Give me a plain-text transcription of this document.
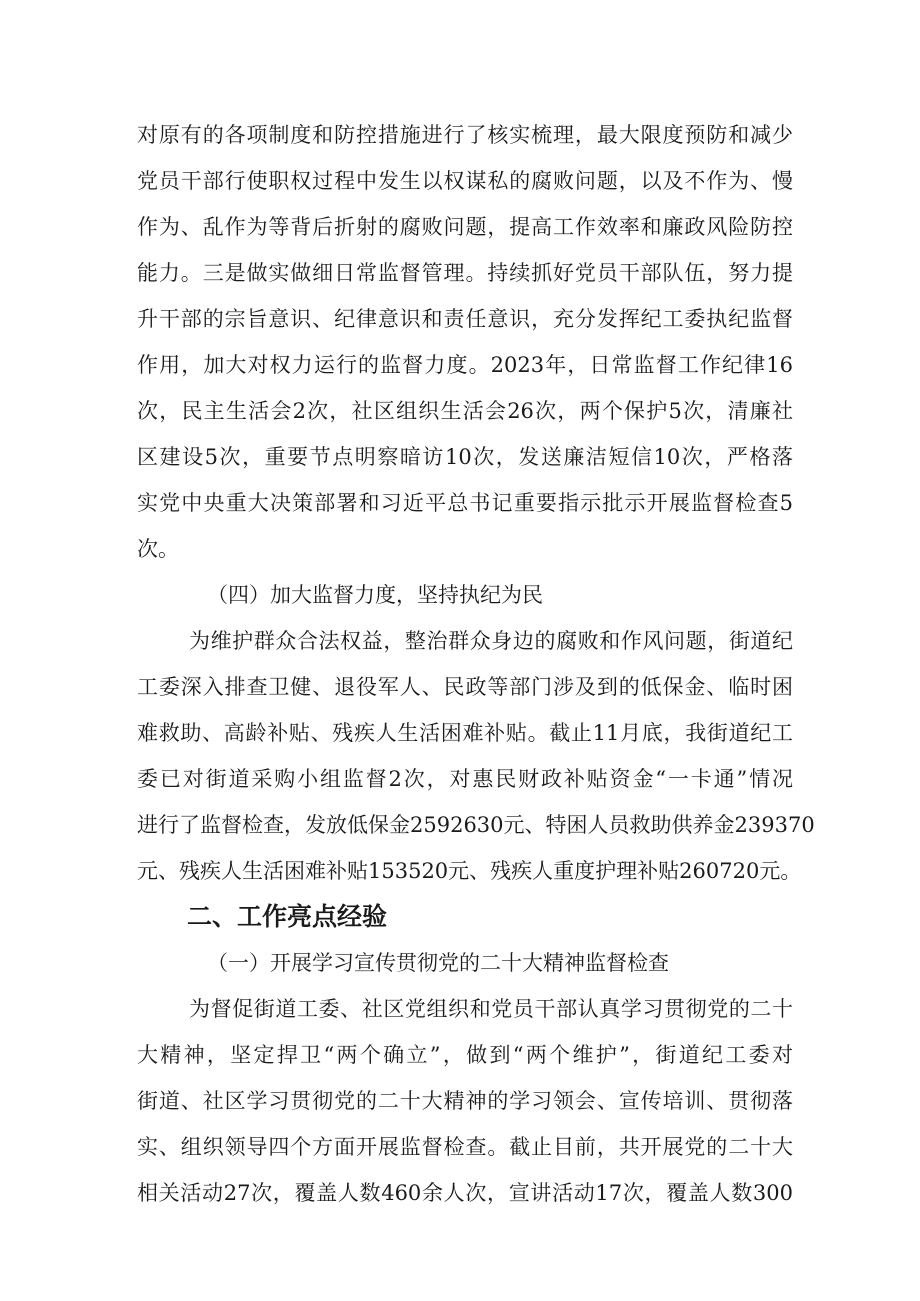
对原有的各项制度和防控措施进行了核实梳理，最大限度预防和减少
党员干部行使职权过程中发生以权谋私的腐败问题，以及不作为、慢
作为、乱作为等背后折射的腐败问题，提高工作效率和廉政风险防控
能力。三是做实做细日常监督管理。持续抓好党员干部队伍，努力提
升干部的宗旨意识、纪律意识和责任意识，充分发挥纪工委执纪监督
作用，加大对权力运行的监督力度。2023年，日常监督工作纪律16
次，民主生活会2次，社区组织生活会26次，两个保护5次，清廉社
区建设5次，重要节点明察暗访10次，发送廉洁短信10次，严格落
实党中央重大决策部署和习近平总书记重要指示批示开展监督检查5
次。
（四）加大监督力度，坚持执纪为民
为维护群众合法权益，整治群众身边的腐败和作风问题，街道纪
工委深入排查卫健、退役军人、民政等部门涉及到的低保金、临时困
难救助、高龄补贴、残疾人生活困难补贴。截止11月底，我街道纪工
委已对街道采购小组监督2次，对惠民财政补贴资金“一卡通”情况
进行了监督检查，发放低保金2592630元、特困人员救助供养金239370
元、残疾人生活困难补贴153520元、残疾人重度护理补贴260720元。
二、工作亮点经验
（一）开展学习宣传贯彻党的二十大精神监督检查
为督促街道工委、社区党组织和党员干部认真学习贯彻党的二十
大精神，坚定捍卫“两个确立”，做到“两个维护”，街道纪工委对
街道、社区学习贯彻党的二十大精神的学习领会、宣传培训、贯彻落
实、组织领导四个方面开展监督检查。截止目前，共开展党的二十大
相关活动27次，覆盖人数460余人次，宣讲活动17次，覆盖人数300
